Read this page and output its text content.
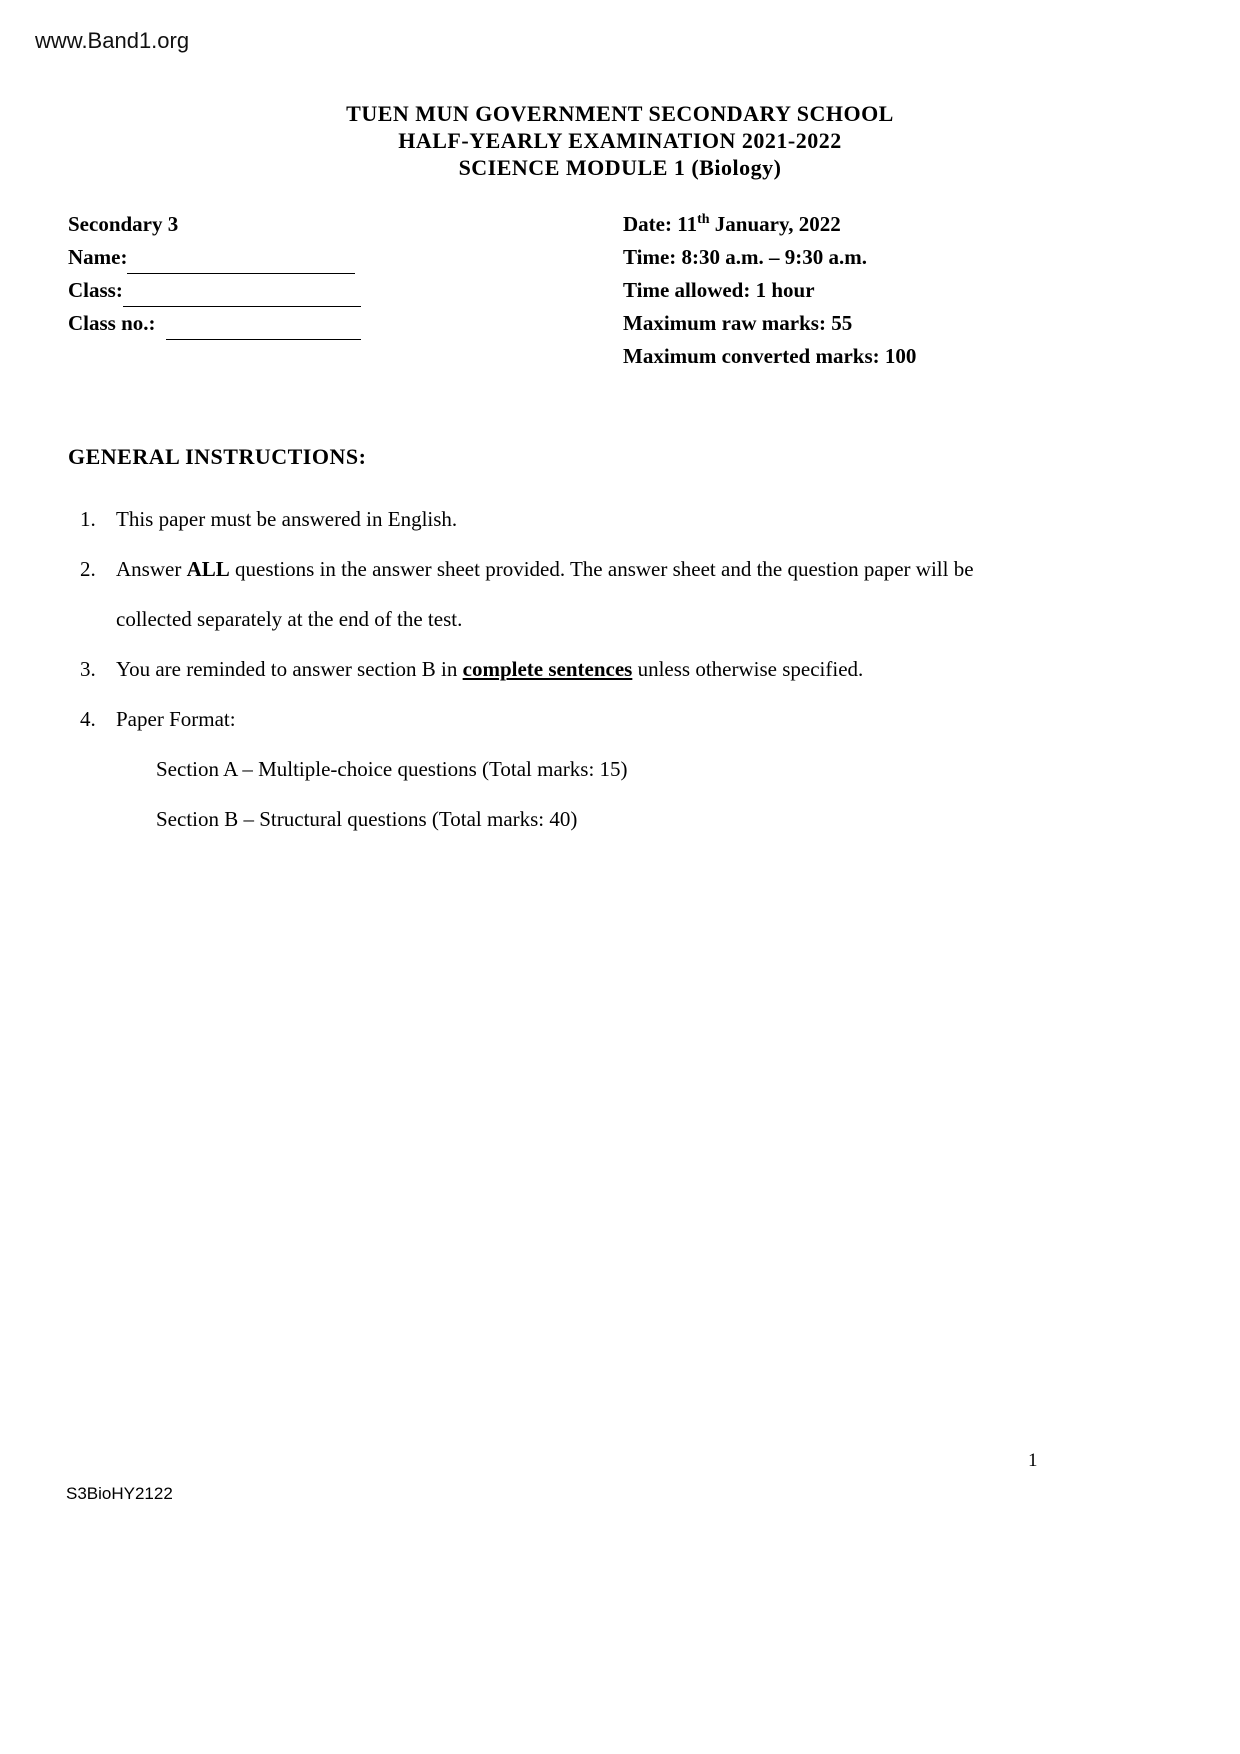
www.Band1.org
TUEN MUN GOVERNMENT SECONDARY SCHOOL
HALF-YEARLY EXAMINATION 2021-2022
SCIENCE MODULE 1 (Biology)
Secondary 3
Name:
Class:
Class no.:
Date: 11th January, 2022
Time: 8:30 a.m. – 9:30 a.m.
Time allowed: 1 hour
Maximum raw marks: 55
Maximum converted marks: 100
GENERAL INSTRUCTIONS:
1. This paper must be answered in English.
2. Answer ALL questions in the answer sheet provided. The answer sheet and the question paper will be collected separately at the end of the test.
3. You are reminded to answer section B in complete sentences unless otherwise specified.
4. Paper Format:
Section A – Multiple-choice questions (Total marks: 15)
Section B – Structural questions (Total marks: 40)
1
S3BioHY2122
